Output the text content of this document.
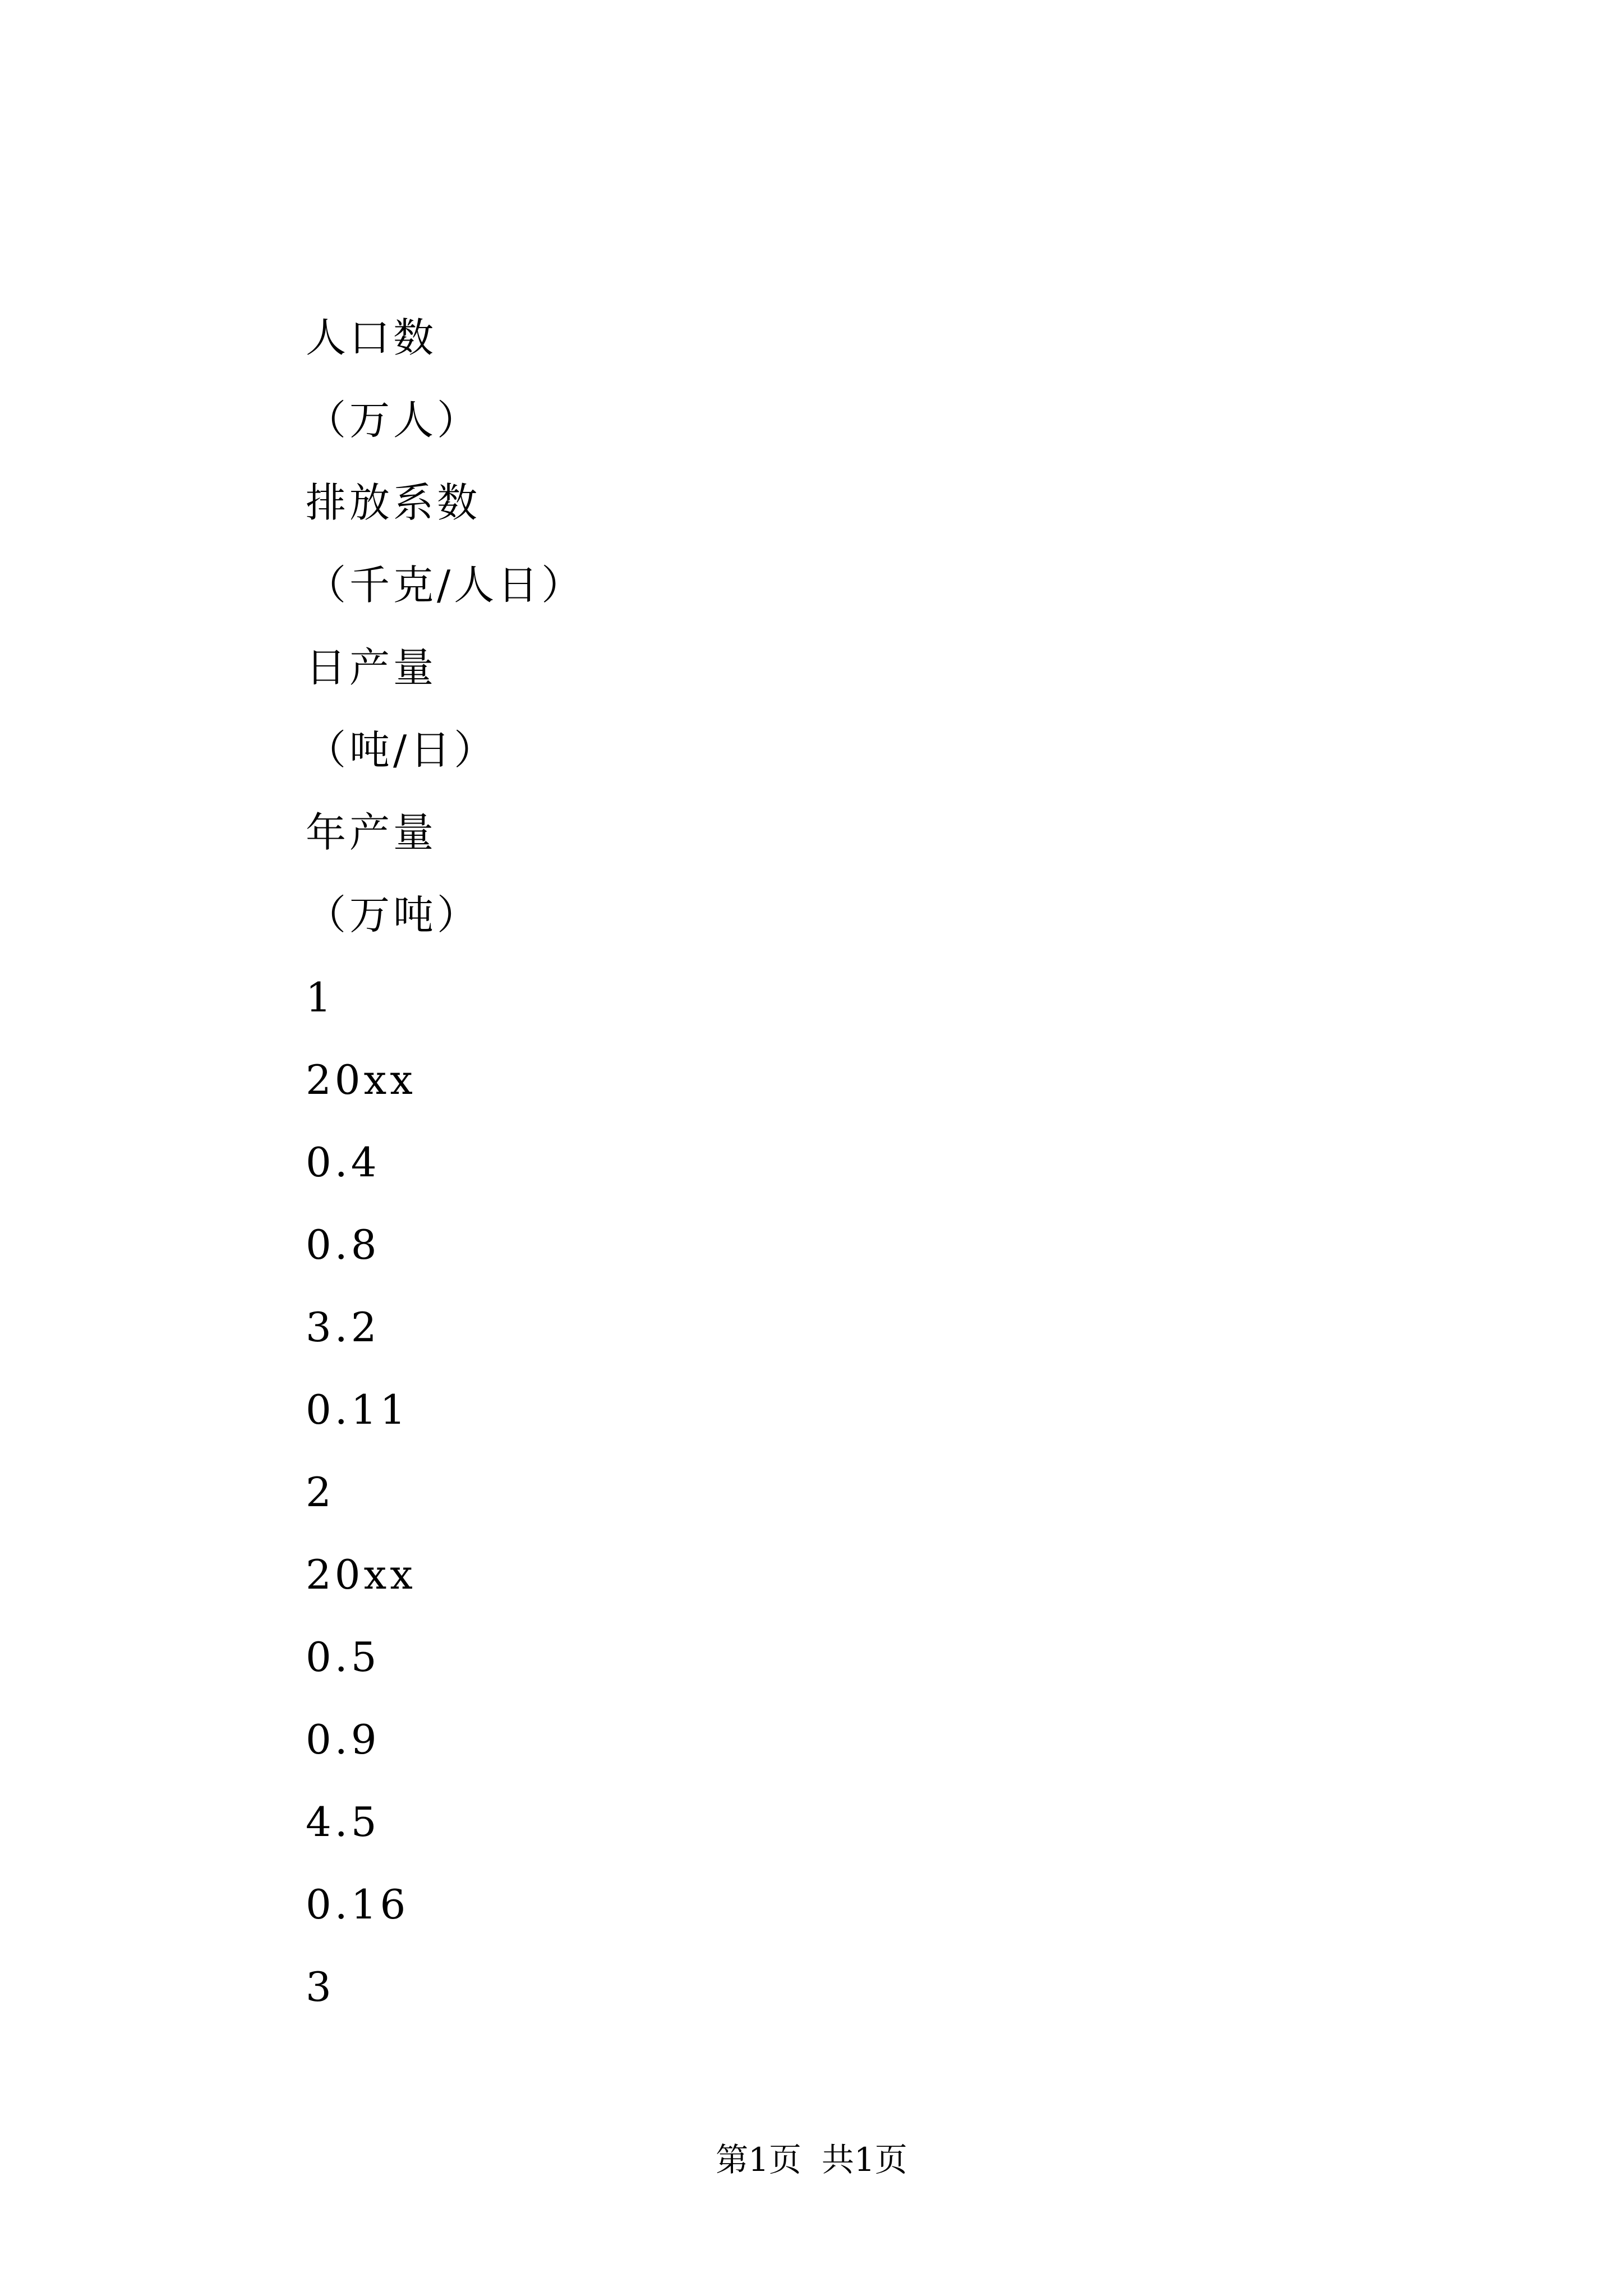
人口数
（万人）
排放系数
（千克/人日）
日产量
（吨/日）
年产量
（万吨）
1
20xx
0.4
0.8
3.2
0.11
2
20xx
0.5
0.9
4.5
0.16
3
第1页 共1页
